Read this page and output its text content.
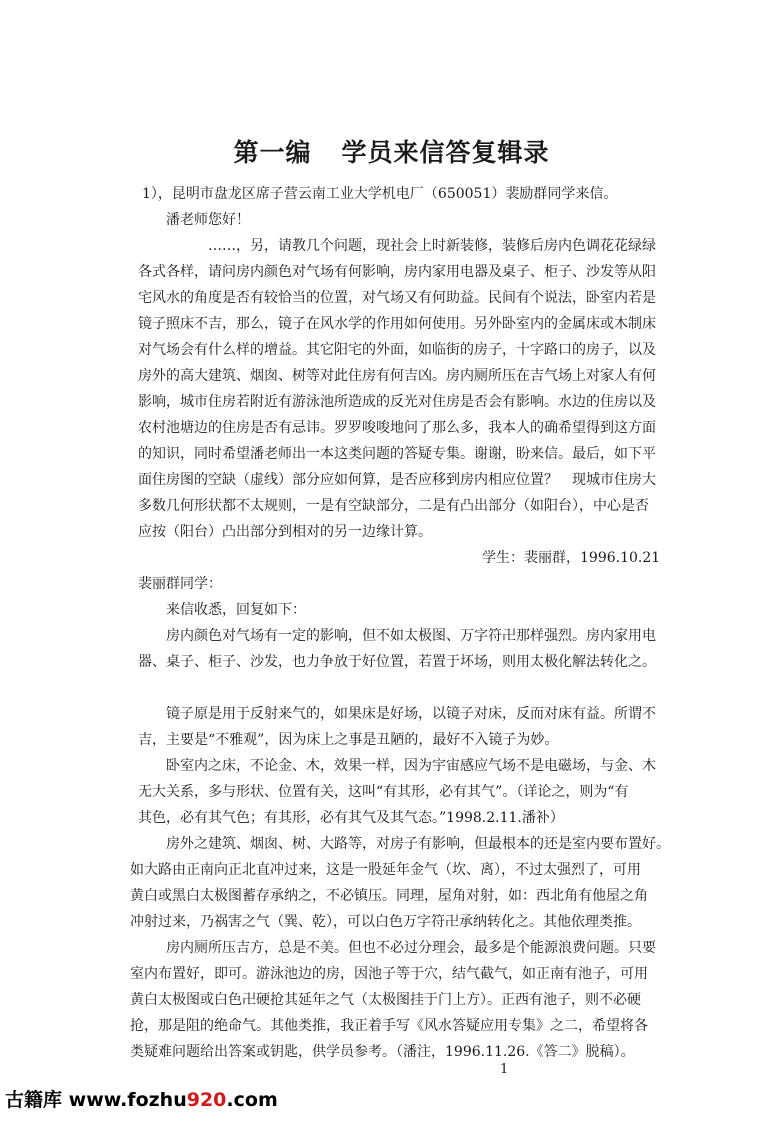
第一编 学员来信答复辑录
1），昆明市盘龙区席子营云南工业大学机电厂（650051）裴励群同学来信。
潘老师您好！
……，另，请教几个问题，现社会上时新装修，装修后房内色调花花绿绿
各式各样，请问房内颜色对气场有何影响，房内家用电器及桌子、柜子、沙发等从阳
宅风水的角度是否有较恰当的位置，对气场又有何助益。民间有个说法，卧室内若是
镜子照床不吉，那么，镜子在风水学的作用如何使用。另外卧室内的金属床或木制床
对气场会有什么样的增益。其它阳宅的外面，如临街的房子，十字路口的房子，以及
房外的高大建筑、烟囱、树等对此住房有何吉凶。房内厕所压在吉气场上对家人有何
影响，城市住房若附近有游泳池所造成的反光对住房是否会有影响。水边的住房以及
农村池塘边的住房是否有忌讳。罗罗唆唆地问了那么多，我本人的确希望得到这方面
的知识，同时希望潘老师出一本这类问题的答疑专集。谢谢，盼来信。最后，如下平
面住房图的空缺（虚线）部分应如何算，是否应移到房内相应位置？　现城市住房大
多数几何形状都不太规则，一是有空缺部分，二是有凸出部分（如阳台），中心是否
应按（阳台）凸出部分到相对的另一边缘计算。
学生：裴丽群，1996.10.21
裴丽群同学：
来信收悉，回复如下：
房内颜色对气场有一定的影响，但不如太极图、万字符卍那样强烈。房内家用电
器、桌子、柜子、沙发，也力争放于好位置，若置于坏场，则用太极化解法转化之。
镜子原是用于反射来气的，如果床是好场，以镜子对床，反而对床有益。所谓不
吉，主要是“不雅观”，因为床上之事是丑陋的，最好不入镜子为妙。
卧室内之床，不论金、木，效果一样，因为宇宙感应气场不是电磁场，与金、木
无大关系，多与形状、位置有关，这叫“有其形，必有其气”。（详论之，则为“有
其色，必有其气色；有其形，必有其气及其气态。”1998.2.11.潘补）
房外之建筑、烟囱、树、大路等，对房子有影响，但最根本的还是室内要布置好。
如大路由正南向正北直冲过来，这是一股延年金气（坎、离），不过太强烈了，可用
黄白或黑白太极图蓄存承纳之，不必镇压。同理，屋角对射，如：西北角有他屋之角
冲射过来，乃祸害之气（巽、乾），可以白色万字符卍承纳转化之。其他依理类推。
房内厕所压吉方，总是不美。但也不必过分理会，最多是个能源浪费问题。只要
室内布置好，即可。游泳池边的房，因池子等于穴，结气截气，如正南有池子，可用
黄白太极图或白色卍硬抢其延年之气（太极图挂于门上方）。正西有池子，则不必硬
抢，那是阻的绝命气。其他类推，我正着手写《风水答疑应用专集》之二，希望将各
类疑难问题给出答案或钥匙，供学员参考。（潘注，1996.11.26.《答二》脱稿）。
1
古籍库 www.fozhu920.com
